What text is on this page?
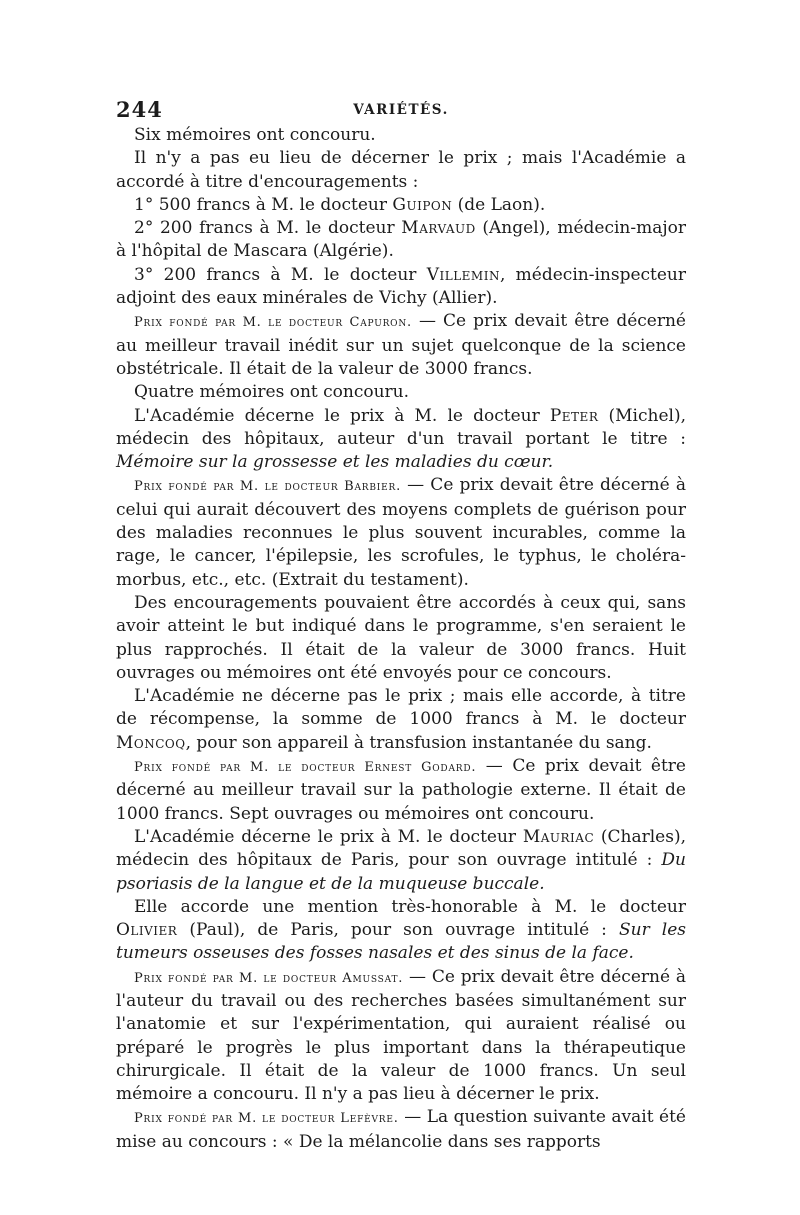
244	VARIÉTÉS.

Six mémoires ont concouru.

Il n'y a pas eu lieu de décerner le prix ; mais l'Académie a accordé à titre d'encouragements :

1° 500 francs à M. le docteur Guipon (de Laon).

2° 200 francs à M. le docteur Marvaud (Angel), médecin-major à l'hôpital de Mascara (Algérie).

3° 200 francs à M. le docteur Villemin, médecin-inspecteur adjoint des eaux minérales de Vichy (Allier).

Prix fondé par M. le docteur Capuron. — Ce prix devait être décerné au meilleur travail inédit sur un sujet quelconque de la science obstétricale. Il était de la valeur de 3000 francs.

Quatre mémoires ont concouru.

L'Académie décerne le prix à M. le docteur Peter (Michel), médecin des hôpitaux, auteur d'un travail portant le titre : Mémoire sur la grossesse et les maladies du cœur.

Prix fondé par M. le docteur Barbier. — Ce prix devait être décerné à celui qui aurait découvert des moyens complets de guérison pour des maladies reconnues le plus souvent incurables, comme la rage, le cancer, l'épilepsie, les scrofules, le typhus, le choléra-morbus, etc., etc. (Extrait du testament).

Des encouragements pouvaient être accordés à ceux qui, sans avoir atteint le but indiqué dans le programme, s'en seraient le plus rapprochés. Il était de la valeur de 3000 francs. Huit ouvrages ou mémoires ont été envoyés pour ce concours.

L'Académie ne décerne pas le prix ; mais elle accorde, à titre de récompense, la somme de 1000 francs à M. le docteur Moncoq, pour son appareil à transfusion instantanée du sang.

Prix fondé par M. le docteur Ernest Godard. — Ce prix devait être décerné au meilleur travail sur la pathologie externe. Il était de 1000 francs. Sept ouvrages ou mémoires ont concouru.

L'Académie décerne le prix à M. le docteur Mauriac (Charles), médecin des hôpitaux de Paris, pour son ouvrage intitulé : Du psoriasis de la langue et de la muqueuse buccale.

Elle accorde une mention très-honorable à M. le docteur Olivier (Paul), de Paris, pour son ouvrage intitulé : Sur les tumeurs osseuses des fosses nasales et des sinus de la face.

Prix fondé par M. le docteur Amussat. — Ce prix devait être décerné à l'auteur du travail ou des recherches basées simultanément sur l'anatomie et sur l'expérimentation, qui auraient réalisé ou préparé le progrès le plus important dans la thérapeutique chirurgicale. Il était de la valeur de 1000 francs. Un seul mémoire a concouru. Il n'y a pas lieu à décerner le prix.

Prix fondé par M. le docteur Lefèvre. — La question suivante avait été mise au concours : « De la mélancolie dans ses rapports
